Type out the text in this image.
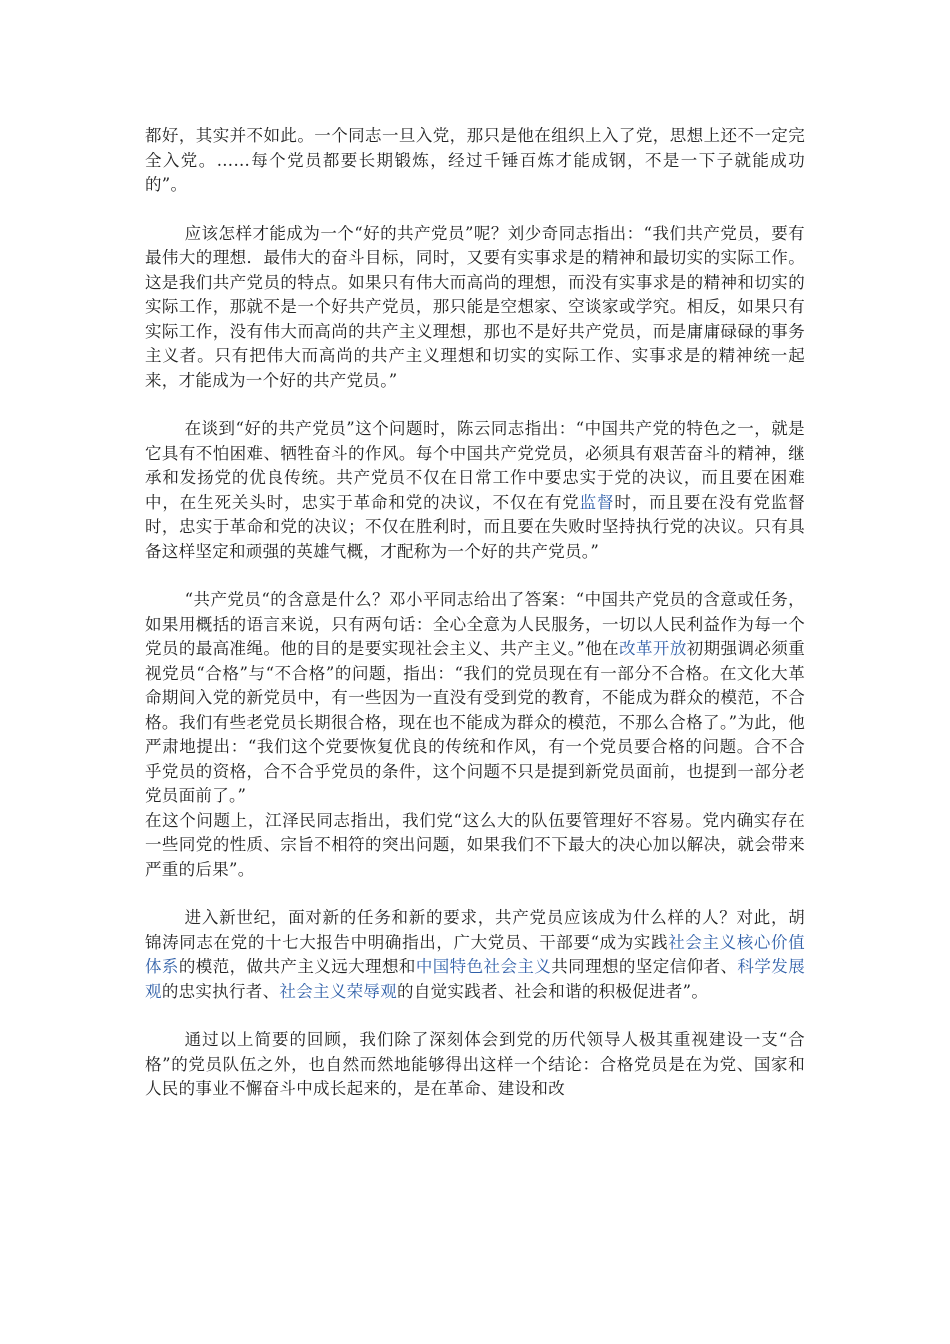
都好，其实并不如此。一个同志一旦入党，那只是他在组织上入了党，思想上还不一定完全入党。……每个党员都要长期锻炼，经过千锤百炼才能成钢，不是一下子就能成功的”。

应该怎样才能成为一个“好的共产党员”呢？刘少奇同志指出：“我们共产党员，要有最伟大的理想．最伟大的奋斗目标，同时，又要有实事求是的精神和最切实的实际工作。这是我们共产党员的特点。如果只有伟大而高尚的理想，而没有实事求是的精神和切实的实际工作，那就不是一个好共产党员，那只能是空想家、空谈家或学究。相反，如果只有实际工作，没有伟大而高尚的共产主义理想，那也不是好共产党员，而是庸庸碌碌的事务主义者。只有把伟大而高尚的共产主义理想和切实的实际工作、实事求是的精神统一起来，才能成为一个好的共产党员。”

在谈到“好的共产党员”这个问题时，陈云同志指出：“中国共产党的特色之一，就是它具有不怕困难、牺牲奋斗的作风。每个中国共产党党员，必须具有艰苦奋斗的精神，继承和发扬党的优良传统。共产党员不仅在日常工作中要忠实于党的决议，而且要在困难中，在生死关头时，忠实于革命和党的决议，不仅在有党监督时，而且要在没有党监督时，忠实于革命和党的决议；不仅在胜利时，而且要在失败时坚持执行党的决议。只有具备这样坚定和顽强的英雄气概，才配称为一个好的共产党员。”

“共产党员“的含意是什么？邓小平同志给出了答案：“中国共产党员的含意或任务，如果用概括的语言来说，只有两句话：全心全意为人民服务，一切以人民利益作为每一个党员的最高准绳。他的目的是要实现社会主义、共产主义。”他在改革开放初期强调必须重视党员“合格”与“不合格”的问题，指出：“我们的党员现在有一部分不合格。在文化大革命期间入党的新党员中，有一些因为一直没有受到党的教育，不能成为群众的模范，不合格。我们有些老党员长期很合格，现在也不能成为群众的模范，不那么合格了。”为此，他严肃地提出：“我们这个党要恢复优良的传统和作风，有一个党员要合格的问题。合不合乎党员的资格，合不合乎党员的条件，这个问题不只是提到新党员面前，也提到一部分老党员面前了。”

在这个问题上，江泽民同志指出，我们党“这么大的队伍要管理好不容易。党内确实存在一些同党的性质、宗旨不相符的突出问题，如果我们不下最大的决心加以解决，就会带来严重的后果”。

进入新世纪，面对新的任务和新的要求，共产党员应该成为什么样的人？对此，胡锦涛同志在党的十七大报告中明确指出，广大党员、干部要“成为实践社会主义核心价值体系的模范，做共产主义远大理想和中国特色社会主义共同理想的坚定信仰者、科学发展观的忠实执行者、社会主义荣辱观的自觉实践者、社会和谐的积极促进者”。

通过以上简要的回顾，我们除了深刻体会到党的历代领导人极其重视建设一支“合格”的党员队伍之外，也自然而然地能够得出这样一个结论：合格党员是在为党、国家和人民的事业不懈奋斗中成长起来的，是在革命、建设和改
